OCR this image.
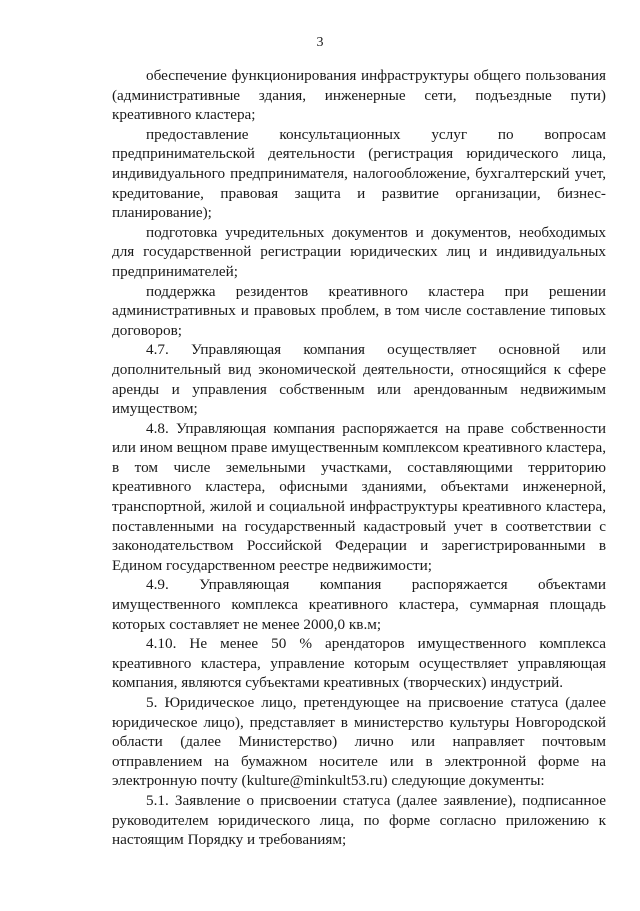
3

обеспечение функционирования инфраструктуры общего пользования (административные здания, инженерные сети, подъездные пути) креативного кластера;

предоставление консультационных услуг по вопросам предпринимательской деятельности (регистрация юридического лица, индивидуального предпринимателя, налогообложение, бухгалтерский учет, кредитование, правовая защита и развитие организации, бизнес-планирование);

подготовка учредительных документов и документов, необходимых для государственной регистрации юридических лиц и индивидуальных предпринимателей;

поддержка резидентов креативного кластера при решении административных и правовых проблем, в том числе составление типовых договоров;

4.7. Управляющая компания осуществляет основной или дополнительный вид экономической деятельности, относящийся к сфере аренды и управления собственным или арендованным недвижимым имуществом;

4.8. Управляющая компания распоряжается на праве собственности или ином вещном праве имущественным комплексом креативного кластера, в том числе земельными участками, составляющими территорию креативного кластера, офисными зданиями, объектами инженерной, транспортной, жилой и социальной инфраструктуры креативного кластера, поставленными на государственный кадастровый учет в соответствии с законодательством Российской Федерации и зарегистрированными в Едином государственном реестре недвижимости;

4.9. Управляющая компания распоряжается объектами имущественного комплекса креативного кластера, суммарная площадь которых составляет не менее 2000,0 кв.м;

4.10. Не менее 50 % арендаторов имущественного комплекса креативного кластера, управление которым осуществляет управляющая компания, являются субъектами креативных (творческих) индустрий.

5. Юридическое лицо, претендующее на присвоение статуса (далее юридическое лицо), представляет в министерство культуры Новгородской области (далее Министерство) лично или направляет почтовым отправлением на бумажном носителе или в электронной форме на электронную почту (kulture@minkult53.ru) следующие документы:

5.1. Заявление о присвоении статуса (далее заявление), подписанное руководителем юридического лица, по форме согласно приложению к настоящим Порядку и требованиям;
